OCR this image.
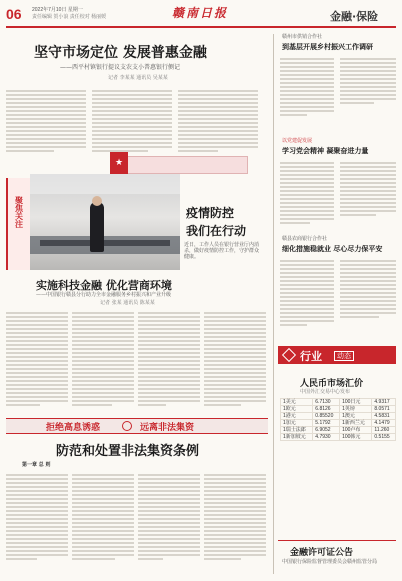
06 2022年7月10日 星期一
责任编辑 贺小浪 责任校对 杨丽媛	赣南日报	金融·保险
坚守市场定位 发展普惠金融
——西平村镇银行提议支农支小普惠银行侧记
记者 李某某 通讯员 吴某某
聚焦关注
★
疫情防控
我们在行动
近日，工作人员在银行营业厅内消杀，做好疫情防控工作，守护群众健康。
实施科技金融 优化营商环境
——中国银行赣县分行助力全市金融服务乡村振兴和产业升级
记者 张某 通讯员 陈某某
拒绝高息诱惑	远离非法集资
防范和处置非法集资条例
第一章 总 则
赣州市供销合作社
到基层开展乡村振兴工作调研
以党建促发展
学习党会精神 凝聚奋进力量
赣县农商银行合作社
细化措施稳就业 尽心尽力保平安
行业	动态
人民币市场汇价
中国外汇交易中心发布
1美元	6.7130	100日元	4.9317
1欧元	6.8126	1英镑	8.0571
1港元	0.85520	1澳元	4.5831
1加元	5.1792	1新西兰元	4.1479
1瑞士法郎	6.9052	100卢布	11.260
1新加坡元	4.7930	100韩元	0.5155
金融许可证公告
中国银行保险监督管理委员会赣州监管分局
